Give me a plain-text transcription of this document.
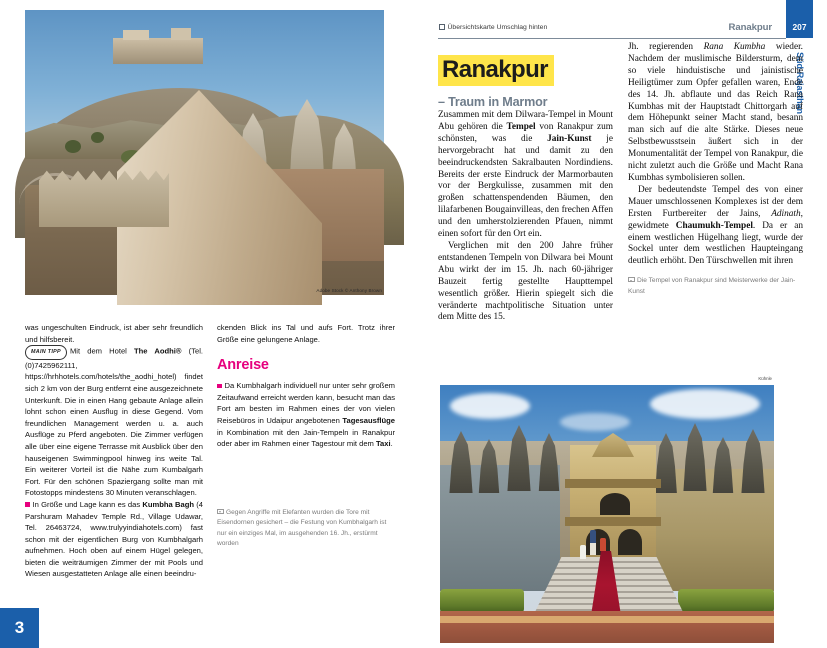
Adobe Stock © Anthony Brown

was ungeschulten Eindruck, ist aber sehr freundlich und hilfsbereit.

MAIN TIPP Mit dem Hotel The Aodhi® (Tel. (0)7425962111, https://hrhhotels.com/hotels/the_aodhi_hotel) findet sich 2 km von der Burg entfernt eine ausgezeichnete Unterkunft. Die in einen Hang gebaute Anlage allein lohnt schon einen Ausflug in diese Gegend. Vom freundlichen Management werden u. a. auch Ausflüge zu Pferd angeboten. Die Zimmer verfügen alle über eine eigene Terrasse mit Ausblick über den hauseigenen Swimmingpool hinweg ins weite Tal. Ein weiterer Vorteil ist die Nähe zum Kumbalgarh Fort. Für den schönen Spaziergang sollte man mit Fotostopps mindestens 30 Minuten veranschlagen.

In Größe und Lage kann es das Kumbha Bagh (4 Parshuram Mahadev Temple Rd., Village Udawar, Tel. 26463724, www.trulyyindiahotels.com) fast schon mit der eigentlichen Burg von Kumbhalgarh aufnehmen. Hoch oben auf einem Hügel gelegen, bieten die weiträumigen Zimmer der mit Pools und Wiesen ausgestatteten Anlage alle einen beeindru-

ckenden Blick ins Tal und aufs Fort. Trotz ihrer Größe eine gelungene Anlage.

Anreise

Da Kumbhalgarh individuell nur unter sehr großem Zeitaufwand erreicht werden kann, besucht man das Fort am besten im Rahmen eines der von vielen Reisebüros in Udaipur angebotenen Tagesausflüge in Kombination mit den Jain-Tempeln in Ranakpur oder aber im Rahmen einer Tagestour mit dem Taxi.

Gegen Angriffe mit Elefanten wurden die Tore mit Eisendornen gesichert – die Festung von Kumbhalgarh ist nur ein einziges Mal, im ausgehenden 16. Jh., erstürmt worden
3
Übersichtskarte Umschlag hinten	Ranakpur	207
Süd-Rajasthan
Ranakpur
– Traum in Marmor

Zusammen mit dem Dilwara-Tempel in Mount Abu gehören die Tempel von Ranakpur zum schönsten, was die Jain-Kunst je hervorgebracht hat und damit zu den beeindruckendsten Sakralbauten Nordindiens. Bereits der erste Eindruck der Marmorbauten vor der Bergkulisse, zusammen mit den großen schattenspendenden Bäumen, den lilafarbenen Bougainvilleas, den frechen Affen und den umherstolzierenden Pfauen, nimmt einen sofort für den Ort ein.

Verglichen mit den 200 Jahre früher entstandenen Tempeln von Dilwara bei Mount Abu wirkt der im 15. Jh. nach 60-jähriger Bauzeit fertig gestellte Haupttempel wesentlich größer. Hierin spiegelt sich die veränderte machtpolitische Situation unter dem Mitte des 15.

Jh. regierenden Rana Kumbha wieder. Nachdem der muslimische Bildersturm, dem so viele hinduistische und jainistische Heiligtümer zum Opfer gefallen waren, Ende des 14. Jh. abflaute und das Reich Rana Kumbhas mit der Hauptstadt Chittorgarh auf dem Höhepunkt seiner Macht stand, besann man sich auf die alte Stärke. Dieses neue Selbstbewusstsein äußert sich in der Monumentalität der Tempel von Ranakpur, die nicht zuletzt auch die Größe und Macht Rana Kumbhas symbolisieren sollen.

Der bedeutendste Tempel des von einer Mauer umschlossenen Komplexes ist der dem Ersten Furtbereiter der Jains, Adinath, gewidmete Chaumukh-Tempel. Da er an einem westlichen Hügelhang liegt, wurde der Sockel unter dem westlichen Haupteingang deutlich erhöht. Den Türschwellen mit ihren

Die Tempel von Ranakpur sind Meisterwerke der Jain-Kunst
Kühnle
